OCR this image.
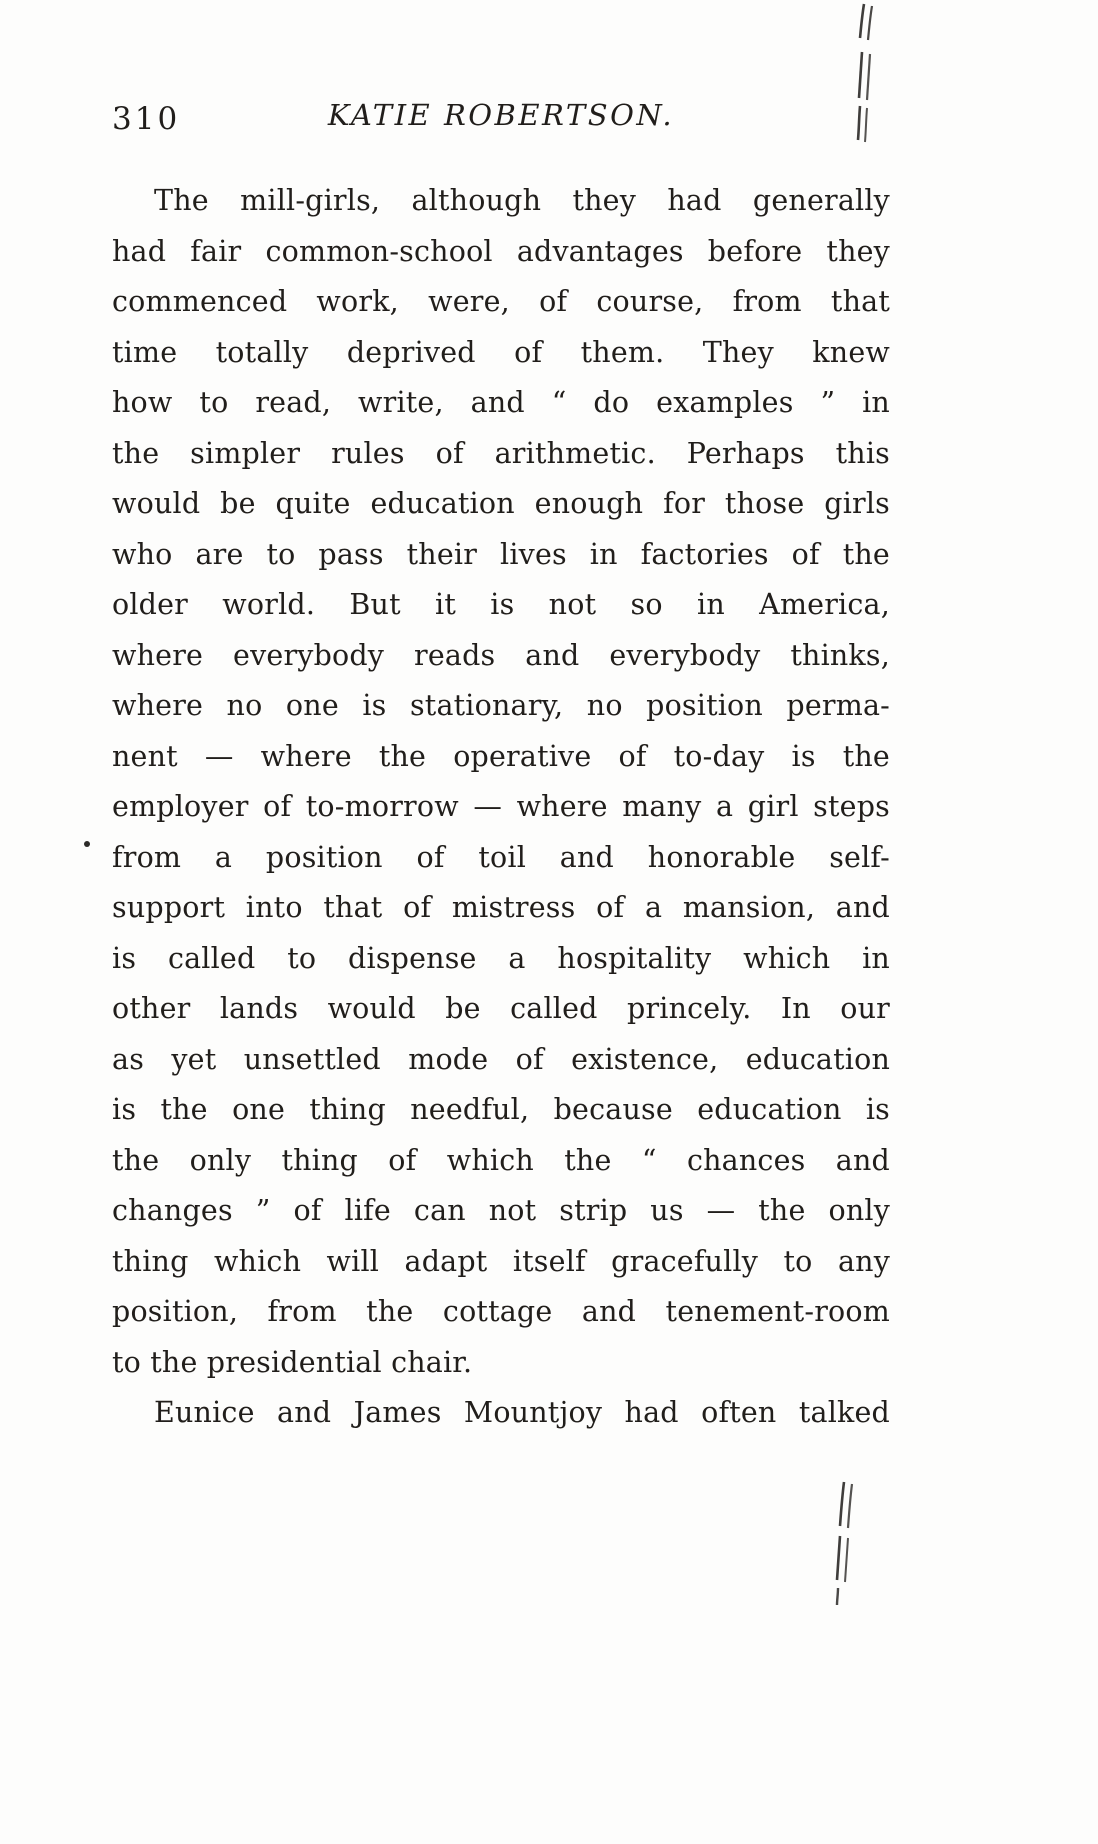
310	KATIE ROBERTSON.

The mill-girls, although they had generally
had fair common-school advantages before they
commenced work, were, of course, from that
time totally deprived of them. They knew
how to read, write, and “ do examples ” in
the simpler rules of arithmetic. Perhaps this
would be quite education enough for those girls
who are to pass their lives in factories of the
older world. But it is not so in America,
where everybody reads and everybody thinks,
where no one is stationary, no position perma-
nent — where the operative of to-day is the
employer of to-morrow — where many a girl steps
from a position of toil and honorable self-
support into that of mistress of a mansion, and
is called to dispense a hospitality which in
other lands would be called princely. In our
as yet unsettled mode of existence, education
is the one thing needful, because education is
the only thing of which the “ chances and
changes ” of life can not strip us — the only
thing which will adapt itself gracefully to any
position, from the cottage and tenement-room
to the presidential chair.

Eunice and James Mountjoy had often talked
